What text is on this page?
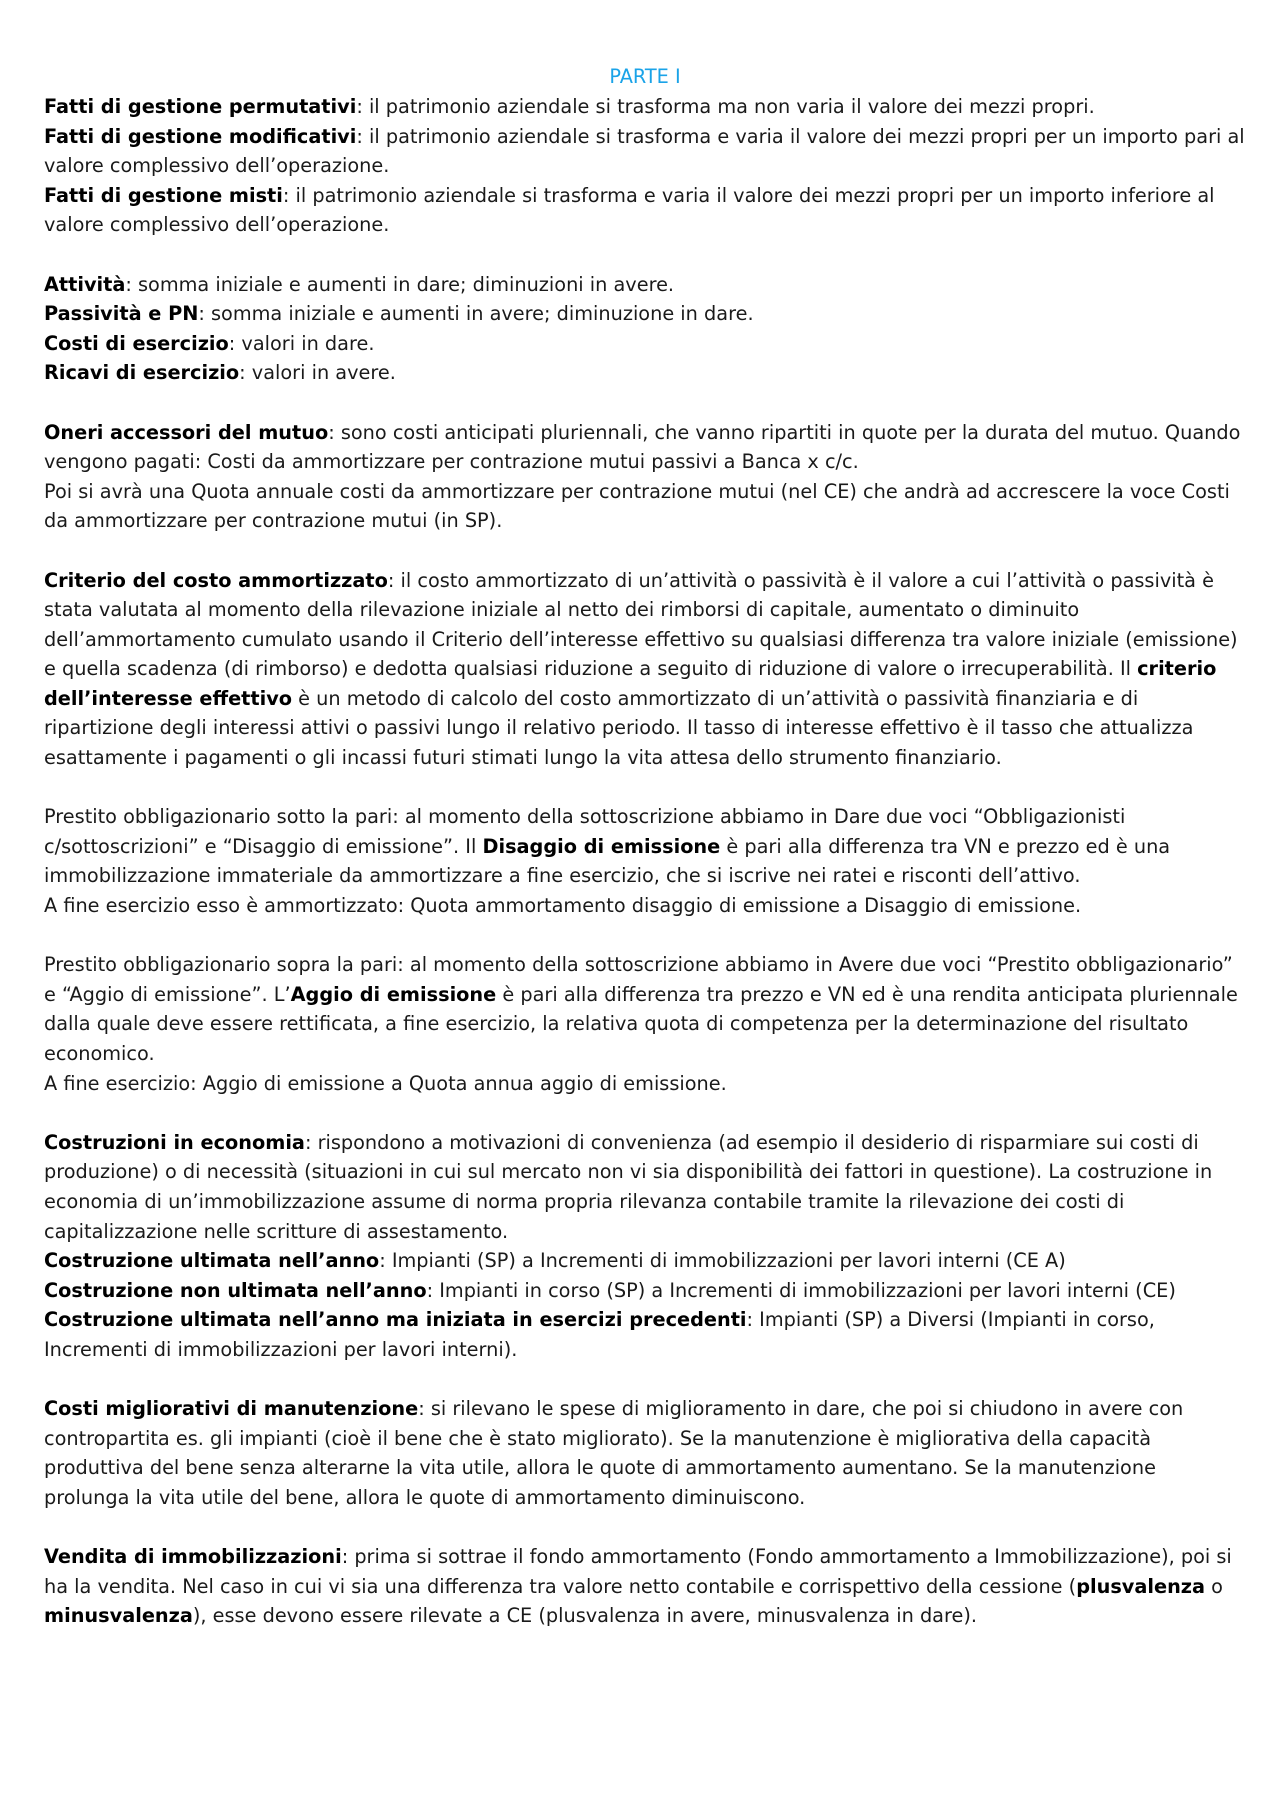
PARTE I

Fatti di gestione permutativi: il patrimonio aziendale si trasforma ma non varia il valore dei mezzi propri.

Fatti di gestione modificativi: il patrimonio aziendale si trasforma e varia il valore dei mezzi propri per un importo pari al valore complessivo dell’operazione.

Fatti di gestione misti: il patrimonio aziendale si trasforma e varia il valore dei mezzi propri per un importo inferiore al valore complessivo dell’operazione.

Attività: somma iniziale e aumenti in dare; diminuzioni in avere.

Passività e PN: somma iniziale e aumenti in avere; diminuzione in dare.

Costi di esercizio: valori in dare.

Ricavi di esercizio: valori in avere.

Oneri accessori del mutuo: sono costi anticipati pluriennali, che vanno ripartiti in quote per la durata del mutuo. Quando vengono pagati: Costi da ammortizzare per contrazione mutui passivi a Banca x c/c.

Poi si avrà una Quota annuale costi da ammortizzare per contrazione mutui (nel CE) che andrà ad accrescere la voce Costi da ammortizzare per contrazione mutui (in SP).

Criterio del costo ammortizzato: il costo ammortizzato di un’attività o passività è il valore a cui l’attività o passività è stata valutata al momento della rilevazione iniziale al netto dei rimborsi di capitale, aumentato o diminuito dell’ammortamento cumulato usando il Criterio dell’interesse effettivo su qualsiasi differenza tra valore iniziale (emissione) e quella scadenza (di rimborso) e dedotta qualsiasi riduzione a seguito di riduzione di valore o irrecuperabilità. Il criterio dell’interesse effettivo è un metodo di calcolo del costo ammortizzato di un’attività o passività finanziaria e di ripartizione degli interessi attivi o passivi lungo il relativo periodo. Il tasso di interesse effettivo è il tasso che attualizza esattamente i pagamenti o gli incassi futuri stimati lungo la vita attesa dello strumento finanziario.

Prestito obbligazionario sotto la pari: al momento della sottoscrizione abbiamo in Dare due voci “Obbligazionisti c/sottoscrizioni” e “Disaggio di emissione”. Il Disaggio di emissione è pari alla differenza tra VN e prezzo ed è una immobilizzazione immateriale da ammortizzare a fine esercizio, che si iscrive nei ratei e risconti dell’attivo.

A fine esercizio esso è ammortizzato: Quota ammortamento disaggio di emissione a Disaggio di emissione.

Prestito obbligazionario sopra la pari: al momento della sottoscrizione abbiamo in Avere due voci “Prestito obbligazionario” e “Aggio di emissione”. L’Aggio di emissione è pari alla differenza tra prezzo e VN ed è una rendita anticipata pluriennale dalla quale deve essere rettificata, a fine esercizio, la relativa quota di competenza per la determinazione del risultato economico.

A fine esercizio: Aggio di emissione a Quota annua aggio di emissione.

Costruzioni in economia: rispondono a motivazioni di convenienza (ad esempio il desiderio di risparmiare sui costi di produzione) o di necessità (situazioni in cui sul mercato non vi sia disponibilità dei fattori in questione). La costruzione in economia di un’immobilizzazione assume di norma propria rilevanza contabile tramite la rilevazione dei costi di capitalizzazione nelle scritture di assestamento.

Costruzione ultimata nell’anno: Impianti (SP) a Incrementi di immobilizzazioni per lavori interni (CE A)

Costruzione non ultimata nell’anno: Impianti in corso (SP) a Incrementi di immobilizzazioni per lavori interni (CE)

Costruzione ultimata nell’anno ma iniziata in esercizi precedenti: Impianti (SP) a Diversi (Impianti in corso, Incrementi di immobilizzazioni per lavori interni).

Costi migliorativi di manutenzione: si rilevano le spese di miglioramento in dare, che poi si chiudono in avere con contropartita es. gli impianti (cioè il bene che è stato migliorato). Se la manutenzione è migliorativa della capacità produttiva del bene senza alterarne la vita utile, allora le quote di ammortamento aumentano. Se la manutenzione prolunga la vita utile del bene, allora le quote di ammortamento diminuiscono.

Vendita di immobilizzazioni: prima si sottrae il fondo ammortamento (Fondo ammortamento a Immobilizzazione), poi si ha la vendita. Nel caso in cui vi sia una differenza tra valore netto contabile e corrispettivo della cessione (plusvalenza o minusvalenza), esse devono essere rilevate a CE (plusvalenza in avere, minusvalenza in dare).
